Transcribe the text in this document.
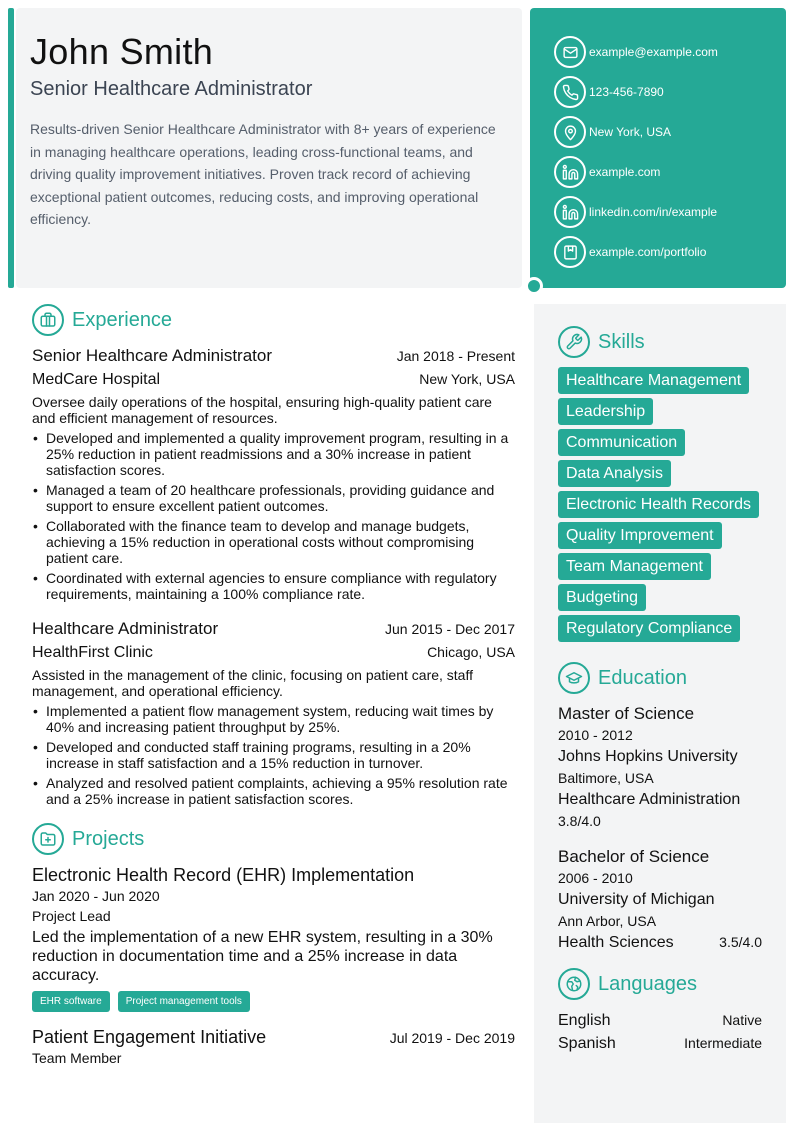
John Smith
Senior Healthcare Administrator
Results-driven Senior Healthcare Administrator with 8+ years of experience in managing healthcare operations, leading cross-functional teams, and driving quality improvement initiatives. Proven track record of achieving exceptional patient outcomes, reducing costs, and improving operational efficiency.
example@example.com
123-456-7890
New York, USA
example.com
linkedin.com/in/example
example.com/portfolio
Experience
Senior Healthcare Administrator	Jan 2018 - Present
MedCare Hospital	New York, USA
Oversee daily operations of the hospital, ensuring high-quality patient care and efficient management of resources.
• Developed and implemented a quality improvement program, resulting in a 25% reduction in patient readmissions and a 30% increase in patient satisfaction scores.
• Managed a team of 20 healthcare professionals, providing guidance and support to ensure excellent patient outcomes.
• Collaborated with the finance team to develop and manage budgets, achieving a 15% reduction in operational costs without compromising patient care.
• Coordinated with external agencies to ensure compliance with regulatory requirements, maintaining a 100% compliance rate.
Healthcare Administrator	Jun 2015 - Dec 2017
HealthFirst Clinic	Chicago, USA
Assisted in the management of the clinic, focusing on patient care, staff management, and operational efficiency.
• Implemented a patient flow management system, reducing wait times by 40% and increasing patient throughput by 25%.
• Developed and conducted staff training programs, resulting in a 20% increase in staff satisfaction and a 15% reduction in turnover.
• Analyzed and resolved patient complaints, achieving a 95% resolution rate and a 25% increase in patient satisfaction scores.
Projects
Electronic Health Record (EHR) Implementation
Jan 2020 - Jun 2020
Project Lead
Led the implementation of a new EHR system, resulting in a 30% reduction in documentation time and a 25% increase in data accuracy.
EHR software	Project management tools
Patient Engagement Initiative	Jul 2019 - Dec 2019
Team Member
Skills
Healthcare Management
Leadership
Communication
Data Analysis
Electronic Health Records
Quality Improvement
Team Management
Budgeting
Regulatory Compliance
Education
Master of Science
2010 - 2012
Johns Hopkins University
Baltimore, USA
Healthcare Administration
3.8/4.0
Bachelor of Science
2006 - 2010
University of Michigan
Ann Arbor, USA
Health Sciences	3.5/4.0
Languages
English	Native
Spanish	Intermediate
